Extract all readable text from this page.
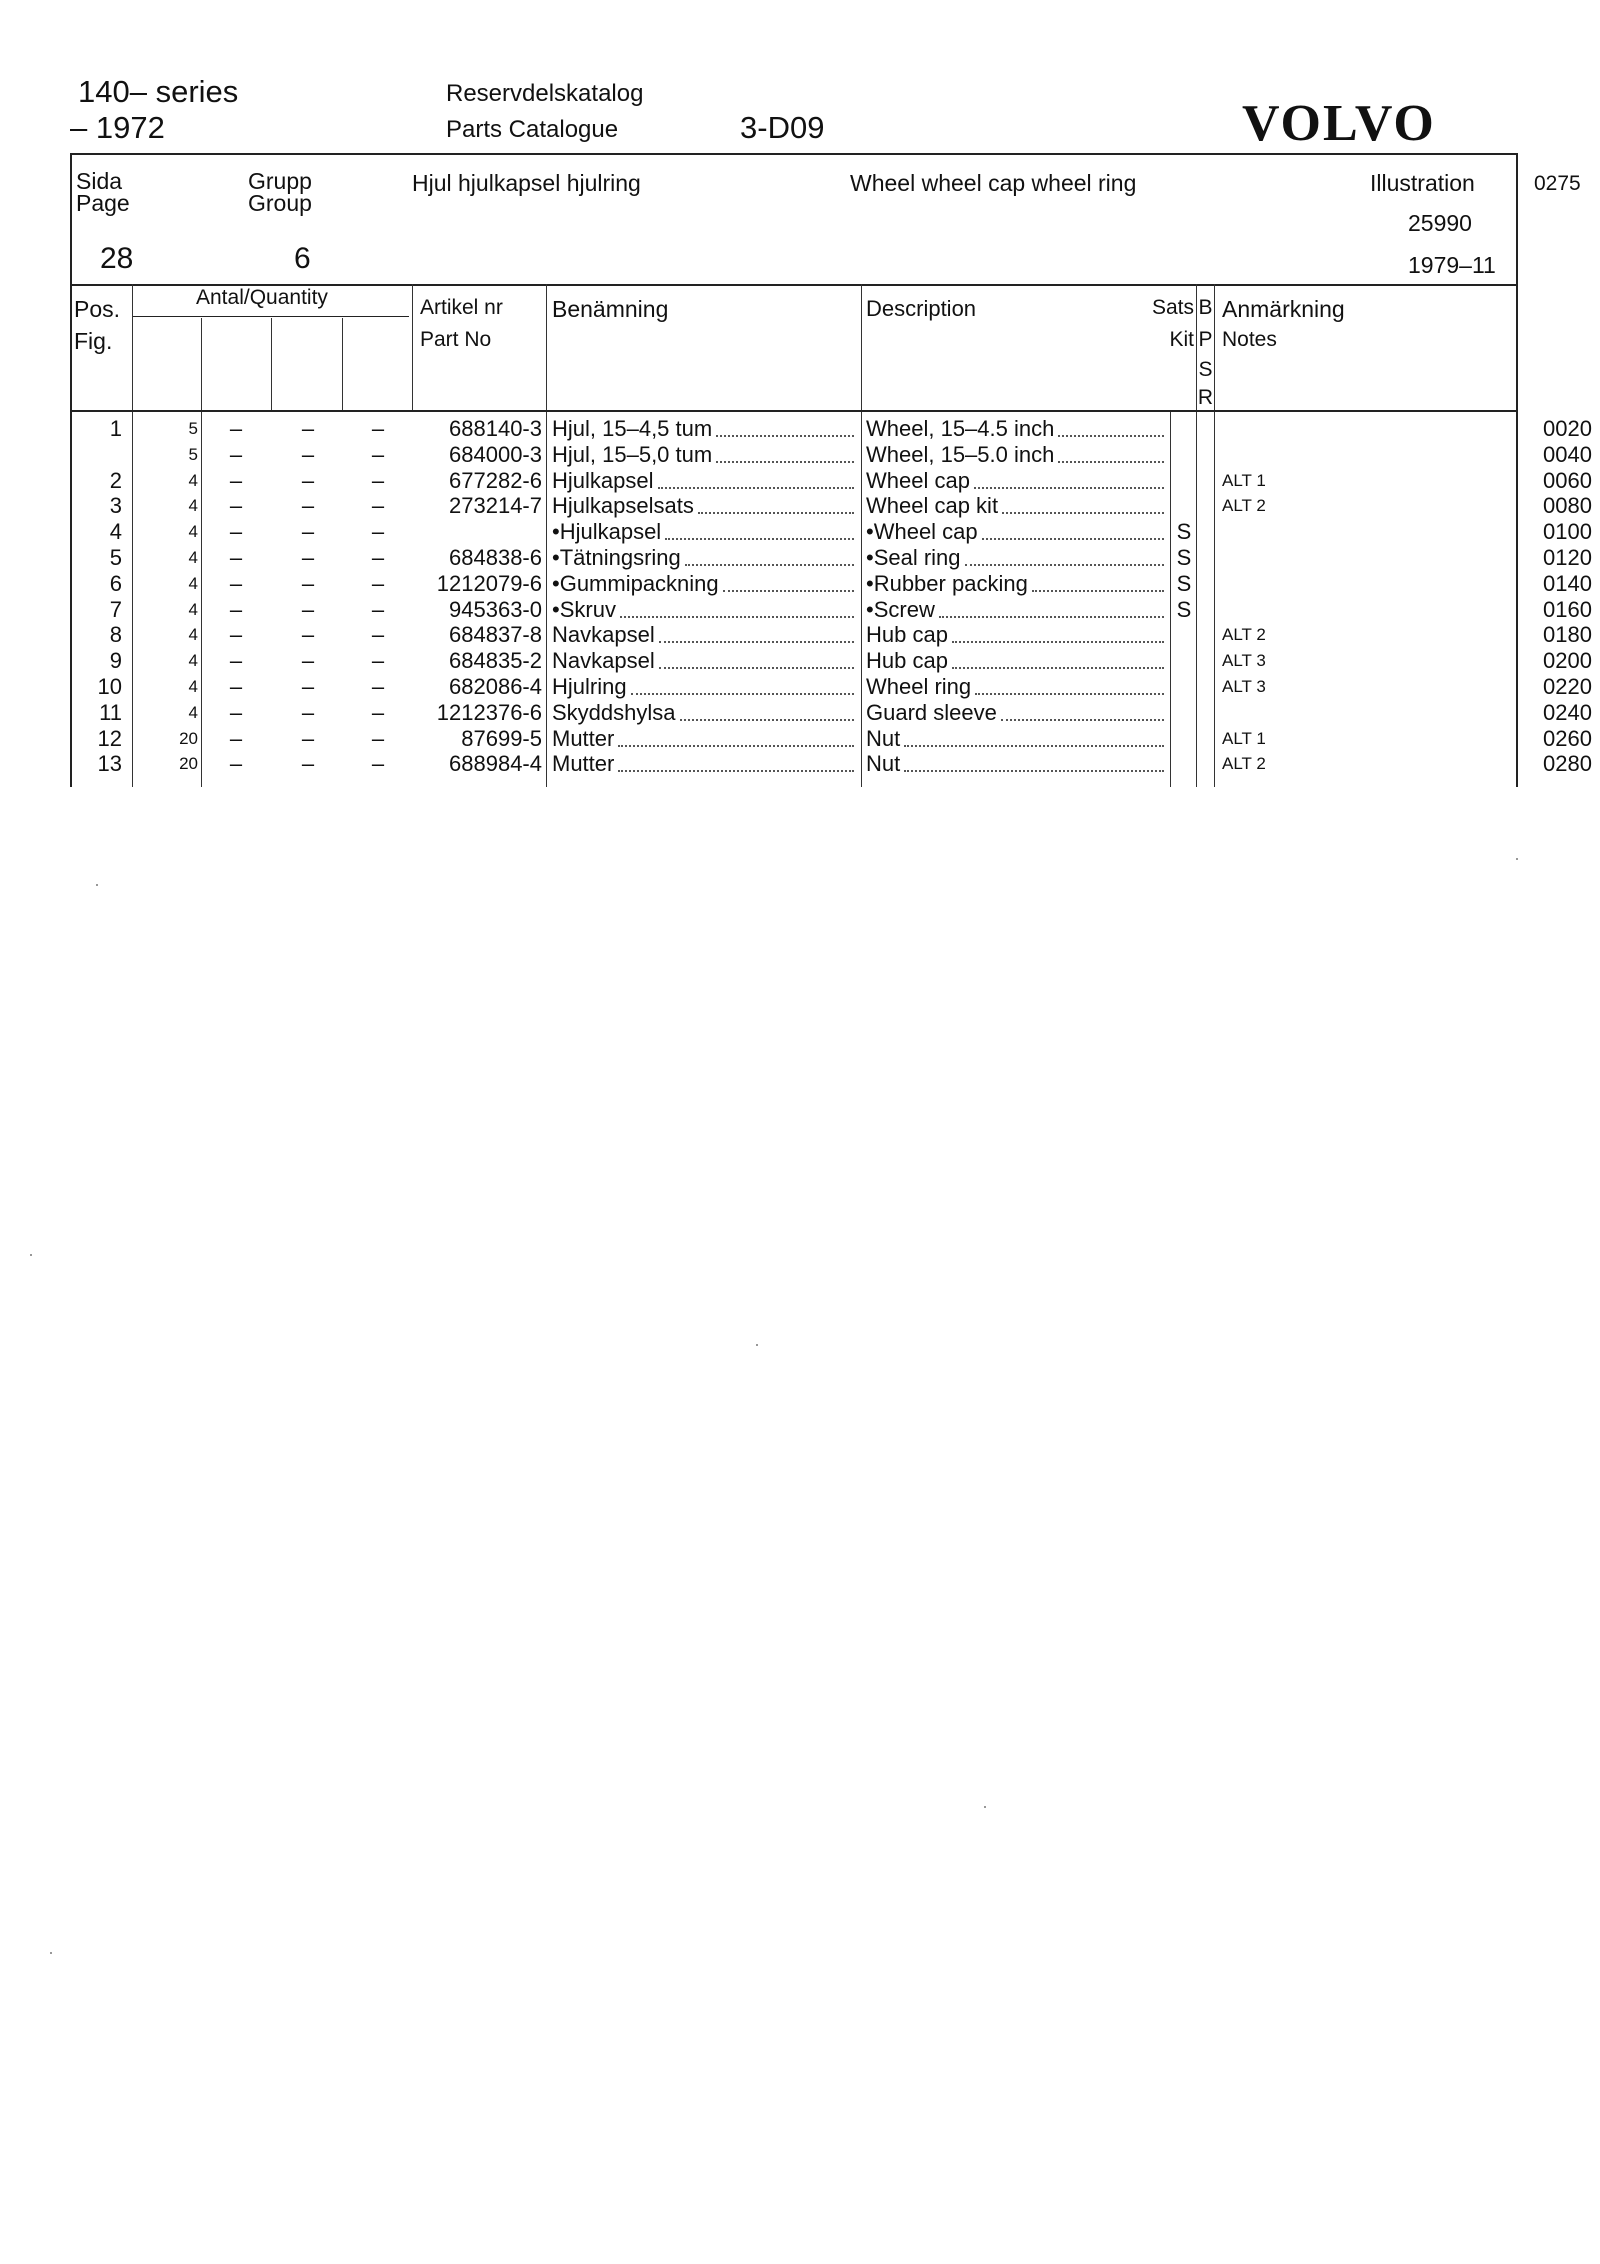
140– series
– 1972
Reservdelskatalog
Parts Catalogue	3-D09	VOLVO
Sida
Page
Grupp
Group
Hjul hjulkapsel hjulring	Wheel wheel cap wheel ring	Illustration
25990
1979–11
28	6
0275
Pos.
Fig.
Antal/Quantity	Artikel nr
Part No
Benämning	Description	Sats
Kit
B
P
S
R
Anmärkning
Notes
1	5	–	–	–	688140-3 Hjul, 15–4,5 tum	Wheel, 15–4.5 inch	0020
5	–	–	–	684000-3 Hjul, 15–5,0 tum	Wheel, 15–5.0 inch	0040
2	4	–	–	–	677282-6 Hjulkapsel	Wheel cap	ALT 1	0060
3	4	–	–	–	273214-7 Hjulkapselsats	Wheel cap kit	ALT 2	0080
4	4	–	–	–	•Hjulkapsel	•Wheel cap	S	0100
5	4	–	–	–	684838-6 •Tätningsring	•Seal ring	S	0120
6	4	–	–	–	1212079-6 •Gummipackning	•Rubber packing	S	0140
7	4	–	–	–	945363-0 •Skruv	•Screw	S	0160
8	4	–	–	–	684837-8 Navkapsel	Hub cap	ALT 2	0180
9	4	–	–	–	684835-2 Navkapsel	Hub cap	ALT 3	0200
10	4	–	–	–	682086-4 Hjulring	Wheel ring	ALT 3	0220
11	4	–	–	–	1212376-6 Skyddshylsa	Guard sleeve	0240
12	20	–	–	–	87699-5 Mutter	Nut	ALT 1	0260
13	20	–	–	–	688984-4 Mutter	Nut	ALT 2	0280
